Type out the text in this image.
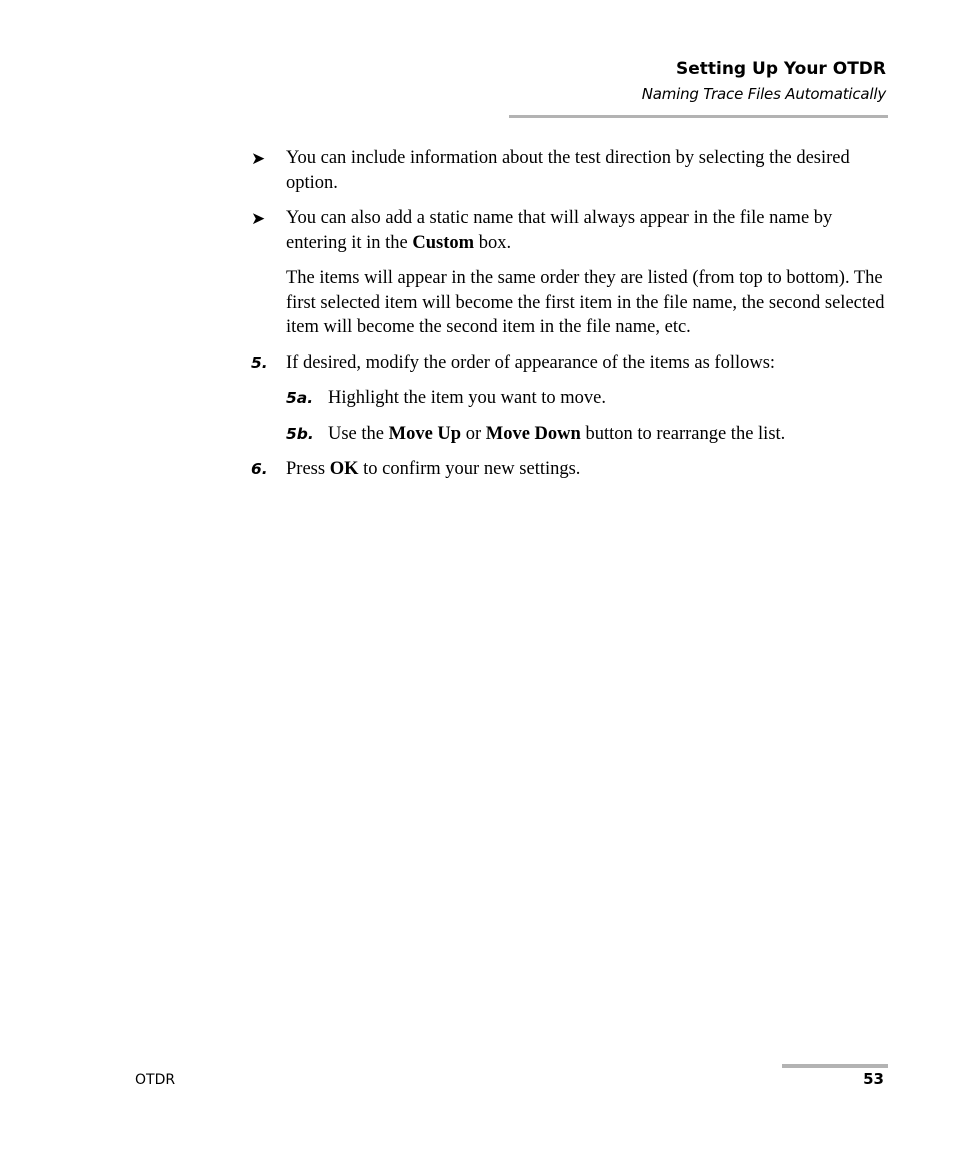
Setting Up Your OTDR
Naming Trace Files Automatically
➤ You can include information about the test direction by selecting the desired option.
➤ You can also add a static name that will always appear in the file name by entering it in the Custom box.
The items will appear in the same order they are listed (from top to bottom). The first selected item will become the first item in the file name, the second selected item will become the second item in the file name, etc.
5. If desired, modify the order of appearance of the items as follows:
5a. Highlight the item you want to move.
5b. Use the Move Up or Move Down button to rearrange the list.
6. Press OK to confirm your new settings.
OTDR	53
